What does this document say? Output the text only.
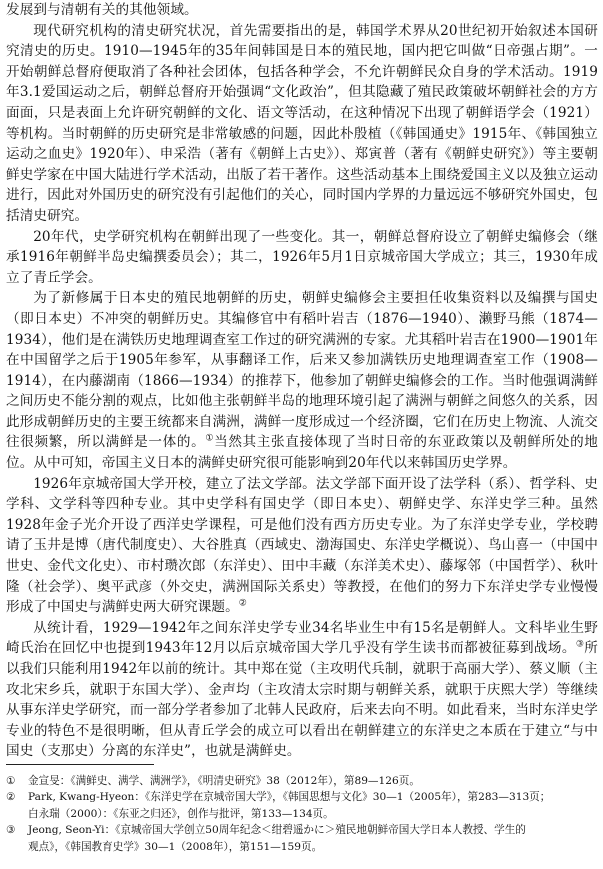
发展到与清朝有关的其他领域。

现代研究机构的清史研究状况，首先需要指出的是，韩国学术界从20世纪初开始叙述本国研究清史的历史。1910—1945年的35年间韩国是日本的殖民地，国内把它叫做“日帝强占期”。一开始朝鲜总督府便取消了各种社会团体，包括各种学会，不允许朝鲜民众自身的学术活动。1919年3.1爱国运动之后，朝鲜总督府开始强调“文化政治”，但其隐藏了殖民政策破坏朝鲜社会的方方面面，只是表面上允许研究朝鲜的文化、语文等活动，在这种情况下出现了朝鲜语学会（1921）等机构。当时朝鲜的历史研究是非常敏感的问题，因此朴殷植（《韩国通史》1915年、《韩国独立运动之血史》1920年）、申采浩（著有《朝鲜上古史》）、郑寅普（著有《朝鲜史研究》）等主要朝鲜史学家在中国大陆进行学术活动，出版了若干著作。这些活动基本上围绕爱国主义以及独立运动进行，因此对外国历史的研究没有引起他们的关心，同时国内学界的力量远远不够研究外国史，包括清史研究。

20年代，史学研究机构在朝鲜出现了一些变化。其一，朝鲜总督府设立了朝鲜史编修会（继承1916年朝鲜半岛史编撰委员会）；其二，1926年5月1日京城帝国大学成立；其三，1930年成立了青丘学会。

为了新修属于日本史的殖民地朝鲜的历史，朝鲜史编修会主要担任收集资料以及编撰与国史（即日本史）不冲突的朝鲜历史。其编修官中有稻叶岩吉（1876—1940）、濑野马熊（1874—1934），他们是在满铁历史地理调查室工作过的研究满洲的专家。尤其稻叶岩吉在1900—1901年在中国留学之后于1905年参军，从事翻译工作，后来又参加满铁历史地理调查室工作（1908—1914），在内藤湖南（1866—1934）的推荐下，他参加了朝鲜史编修会的工作。当时他强调满鲜之间历史不能分割的观点，比如他主张朝鲜半岛的地理环境引起了满洲与朝鲜之间悠久的关系，因此形成朝鲜历史的主要王统都来自满洲，满鲜一度形成过一个经济圈，它们在历史上物流、人流交往很频繁，所以满鲜是一体的。①当然其主张直接体现了当时日帝的东亚政策以及朝鲜所处的地位。从中可知，帝国主义日本的满鲜史研究很可能影响到20年代以来韩国历史学界。

1926年京城帝国大学开校，建立了法文学部。法文学部下面开设了法学科（系）、哲学科、史学科、文学科等四种专业。其中史学科有国史学（即日本史）、朝鲜史学、东洋史学三种。虽然1928年金子光介开设了西洋史学课程，可是他们没有西方历史专业。为了东洋史学专业，学校聘请了玉井是博（唐代制度史）、大谷胜真（西域史、渤海国史、东洋史学概说）、鸟山喜一（中国中世史、金代文化史）、市村瓒次郎（东洋史）、田中丰藏（东洋美术史）、藤塚邻（中国哲学）、秋叶隆（社会学）、奥平武彦（外交史，满洲国际关系史）等教授，在他们的努力下东洋史学专业慢慢形成了中国史与满鲜史两大研究课题。②

从统计看，1929—1942年之间东洋史学专业34名毕业生中有15名是朝鲜人。文科毕业生野崎氏治在回忆中也提到1943年12月以后京城帝国大学几乎没有学生读书而都被征募到战场。③所以我们只能利用1942年以前的统计。其中郑在觉（主攻明代兵制，就职于高丽大学）、蔡义顺（主攻北宋乡兵，就职于东国大学）、金声均（主攻清太宗时期与朝鲜关系，就职于庆熙大学）等继续从事东洋史学研究，而一部分学者参加了北韩人民政府，后来去向不明。如此看来，当时东洋史学专业的特色不是很明晰，但从青丘学会的成立可以看出在朝鲜建立的东洋史之本质在于建立“与中国史（支那史）分离的东洋史”，也就是满鲜史。

①	金宣旻：《满鲜史、满学、满洲学》，《明清史研究》38（2012年），第89—126页。
②	Park, Kwang-Hyeon：《东洋史学在京城帝国大学》，《韩国思想与文化》30—1（2005年），第283—313页；
白永瑞（2000）：《东亚之归还》，创作与批评，第133—134页。
③	Jeong, Seon-Yi：《京城帝国大学创立50周年纪念＜绀碧遥かに＞殖民地朝鲜帝国大学日本人教授、学生的
观点》，《韩国教育史学》30—1（2008年），第151—159页。
